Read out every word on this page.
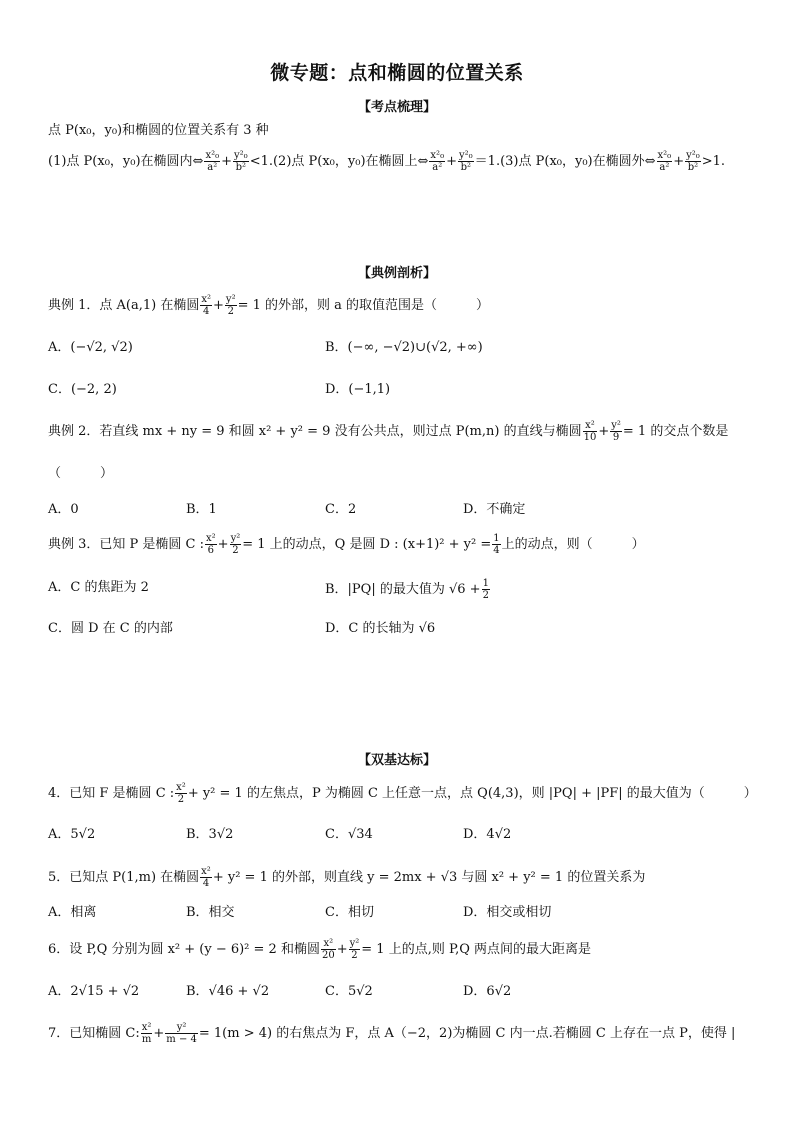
微专题：点和椭圆的位置关系
【考点梳理】
点 P(x₀，y₀)和椭圆的位置关系有 3 种
(1)点 P(x₀，y₀)在椭圆内⇔ $\frac{\text{x²₀}}{\text{a²}} + \frac{\text{y²₀}}{\text{b²}} <1.(2)$点 P(x₀，y₀)在椭圆上⇔ $\frac{\text{x²₀}}{\text{a²}} + \frac{\text{y²₀}}{\text{b²}} =1.(3)$点 P(x₀，y₀)在椭圆外⇔ $\frac{\text{x²₀}}{\text{a²}} + \frac{\text{y²₀}}{\text{b²}} >1$.
【典例剖析】
典例 1．点 A(a,1) 在椭圆 $\frac{\text{x²}}{4} + \frac{\text{y²}}{2} = 1$ 的外部，则 a 的取值范围是（　　　）
A．(−√2, √2)	B．(−∞, −√2)∪(√2, +∞)
C．(−2, 2)	D．(−1,1)
典例 2．若直线 mx + ny = 9 和圆 x² + y² = 9 没有公共点，则过点 P(m,n) 的直线与椭圆 $\frac{\text{x²}}{10} + \frac{\text{y²}}{9} = 1$ 的交点个数是
（　　　）
A．0	B．1	C．2	D．不确定
典例 3．已知 P 是椭圆 C : $\frac{\text{x²}}{6} + \frac{\text{y²}}{2} = 1$ 上的动点，Q 是圆 D : $(x+1)^2 + y^2 = \frac{1}{4}$ 上的动点，则（　　　）
A．C 的焦距为 2	B．|PQ| 的最大值为 $√6 + \frac{1}{2}$
C．圆 D 在 C 的内部	D．C 的长轴为 √6
【双基达标】
4．已知 F 是椭圆 C : $\frac{\text{x²}}{2} + y^2 = 1$ 的左焦点，P 为椭圆 C 上任意一点，点 Q(4,3)，则 |PQ| + |PF| 的最大值为（　　　）
A．5√2	B．3√2	C．√34	D．4√2
5．已知点 P(1,m) 在椭圆 $\frac{\text{x²}}{4} + y^2 = 1$ 的外部，则直线 y = 2mx + √3 与圆 x² + y² = 1 的位置关系为
A．相离	B．相交	C．相切	D．相交或相切
6．设 P,Q 分别为圆 x² + (y − 6)² = 2 和椭圆 $\frac{\text{x²}}{20} + \frac{\text{y²}}{2} = 1$ 上的点,则 P,Q 两点间的最大距离是
A．2√15 + √2	B．√46 + √2	C．5√2	D．6√2
7．已知椭圆 C: $\frac{\text{x²}}{m} + \frac{\text{y²}}{m - 4} = 1(m > 4)$ 的右焦点为 F，点 A（−2，2)为椭圆 C 内一点.若椭圆 C 上存在一点 P，使得 |
